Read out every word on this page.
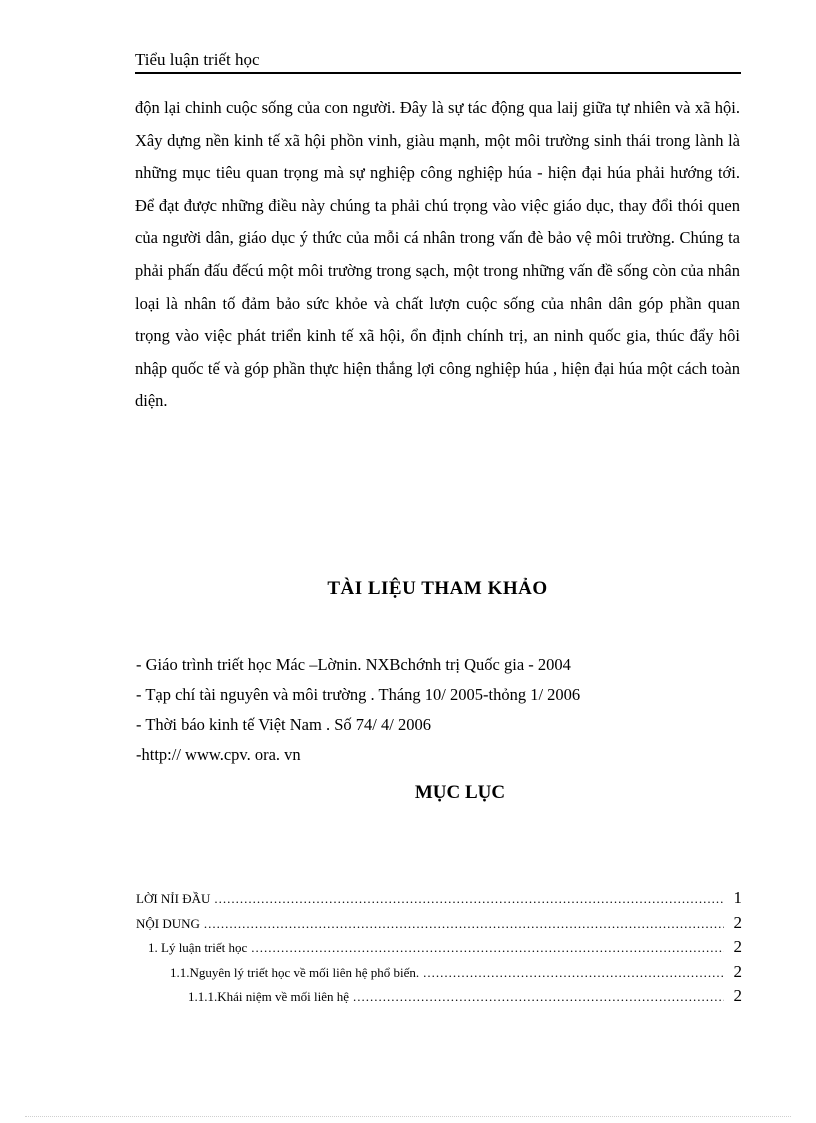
Tiểu luận triết học

độn lại chinh cuộc sống của con người. Đây là sự tác động qua laij giữa tự nhiên và xã hội. Xây dựng nền kinh tế xã hội phồn vinh, giàu mạnh, một môi trường sinh thái trong lành là những mục tiêu quan trọng mà sự nghiệp công nghiệp húa - hiện đại húa phải hướng tới. Để đạt được những điều này chúng ta phải chú trọng vào việc giáo dục, thay đổi thói quen của người dân, giáo dục ý thức của mỗi cá nhân trong vấn đè bảo vệ môi trường. Chúng ta phải phấn đấu đếcú một môi trường trong sạch, một trong những vấn đề sống còn của nhân loại là nhân tố đảm bảo sức khỏe và chất lượn cuộc sống của nhân dân góp phần quan trọng vào việc phát triển kinh tế xã hội, ổn định chính trị, an ninh quốc gia, thúc đẩy hôi nhập quốc tế và góp phần thực hiện thắng lợi công nghiệp húa , hiện đại húa một cách toàn diện.

TÀI LIỆU THAM KHẢO
- Giáo trình triết học Mác –Lờnin. NXBchớnh trị Quốc gia - 2004
- Tạp chí tài nguyên và môi trường . Tháng 10/ 2005-thỏng 1/ 2006
- Thời báo kinh tế Việt Nam . Số 74/ 4/ 2006
-http:// www.cpv. ora. vn
MỤC LỤC
LỜI NỈI ĐẦU .....	1
NỘI DUNG .....	2
1. Lý luận triết học .....	2
1.1.Nguyên lý triết học về mối liên hệ phổ biến. .....	2
1.1.1.Khái niệm về mối liên hệ .....	2
